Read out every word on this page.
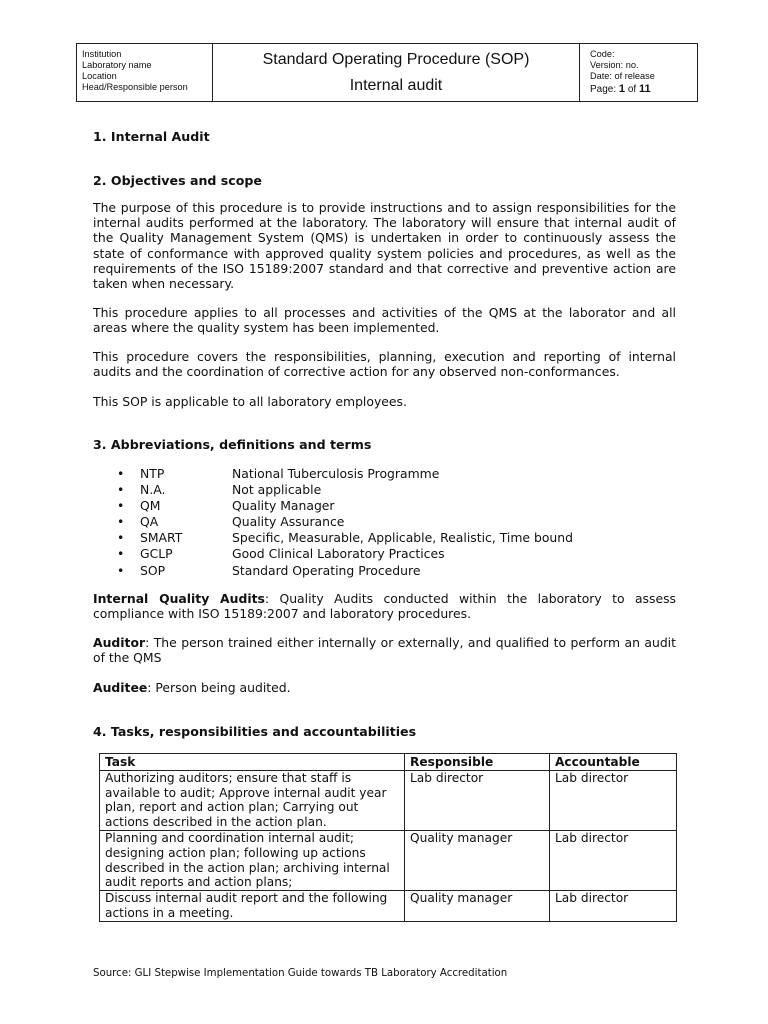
Institution
Laboratory name
Location
Head/Responsible person
Standard Operating Procedure (SOP)
Internal audit
Code:
Version: no.
Date: of release
Page: 1 of 11
1. Internal Audit
2. Objectives and scope

The purpose of this procedure is to provide instructions and to assign responsibilities for the internal audits performed at the laboratory. The laboratory will ensure that internal audit of the Quality Management System (QMS) is undertaken in order to continuously assess the state of conformance with approved quality system policies and procedures, as well as the requirements of the ISO 15189:2007 standard and that corrective and preventive action are taken when necessary.

This procedure applies to all processes and activities of the QMS at the laborator and all areas where the quality system has been implemented.

This procedure covers the responsibilities, planning, execution and reporting of internal audits and the coordination of corrective action for any observed non-conformances.

This SOP is applicable to all laboratory employees.

3. Abbreviations, definitions and terms
•	NTP	National Tuberculosis Programme
•	N.A.	Not applicable
•	QM	Quality Manager
•	QA	Quality Assurance
•	SMART	Specific, Measurable, Applicable, Realistic, Time bound
•	GCLP	Good Clinical Laboratory Practices
•	SOP	Standard Operating Procedure

Internal Quality Audits: Quality Audits conducted within the laboratory to assess compliance with ISO 15189:2007 and laboratory procedures.

Auditor: The person trained either internally or externally, and qualified to perform an audit of the QMS

Auditee: Person being audited.

4. Tasks, responsibilities and accountabilities
Task	Responsible	Accountable
Authorizing auditors; ensure that staff is available to audit; Approve internal audit year plan, report and action plan; Carrying out actions described in the action plan.	Lab director	Lab director
Planning and coordination internal audit; designing action plan; following up actions described in the action plan; archiving internal audit reports and action plans;	Quality manager	Lab director
Discuss internal audit report and the following actions in a meeting.	Quality manager	Lab director
Source: GLI Stepwise Implementation Guide towards TB Laboratory Accreditation
